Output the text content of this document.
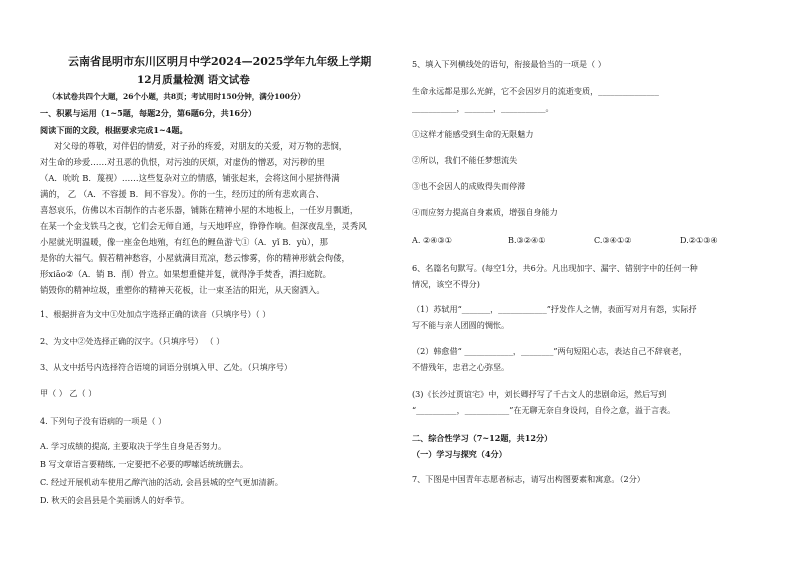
云南省昆明市东川区明月中学2024—2025学年九年级上学期
12月质量检测 语文试卷
（本试卷共四个大题，26个小题，共8页；考试用时150分钟，满分100分）
一、积累与运用（1~5题，每题2分，第6题6分，共16分）
阅读下面的文段，根据要求完成1~4题。
对父母的尊敬，对伴侣的情爱，对子孙的疼爱，对朋友的关爱，对万物的悲悯，
对生命的珍爱……对丑恶的仇恨，对污浊的厌烦，对虚伪的憎恶，对污秽的里
（A．吮吮 B．蔑视）……这些复杂对立的情感，铺张起来，会将这间小屋挤得满
满的， 乙 （A．不容援 B．间不容发）。你的一生，经历过的所有悲欢离合、
喜怒哀乐，仿佛以木百制作的古老乐器，铺陈在精神小屋的木地板上，一任岁月飘逝，
在某一个金戈铁马之夜，它们会无师自通，与天地呼应，铮铮作响。但深夜乱坐，灵秀风
小屋就光明温暖，像一座金色地殖，有红色的鲤鱼游弋①（A．yǐ B．yù），那
是你的大福气。假若精神愁容，小屋就满目荒凉，愁云惨雾，你的精神形就会佝偻，
形xiāo②（A．销 B．削）骨立。如果想重健并复，就得净手焚香，洒扫庭院。
销毁你的精神垃圾，重塑你的精神天花板，让一束圣洁的阳光，从天窗洒入。
1、根据拼音为文中①处加点字选择正确的读音（只填序号）（ ）
2、为文中②处选择正确的汉字。（只填序号） （ ）
3、从文中括号内选择符合语境的词语分别填入甲、乙处。（只填序号）
甲（ ） 乙（ ）
4. 下列句子没有语病的一项是（ ）
A. 学习成绩的提高, 主要取决于学生自身是否努力。
B 写文章语言要精练, 一定要把不必要的啰嗦话统统删去。
C. 经过开展机动车使用乙醇汽油的活动, 会昌县城的空气更加清新。
D. 秋天的会昌县是个美丽诱人的好季节。
5、填入下列横线处的语句，衔接最恰当的一项是（ ）
生命永远都是那么光鲜，它不会因岁月的流逝变质，_______________
___________，_______，___________。
①这样才能感受到生命的无限魅力
②所以，我们不能任梦想流失
③也不会因人的成败得失而停滞
④而应努力提高自身素质，增强自身能力
A. ②④③①	B.③②④①	C.③④①②	D.②①③④
6、名篇名句默写。(每空1分，共6分。凡出现加字、漏字、错别字中的任何一种
情况，该空不得分)
（1）苏轼用“_______，____________”抒发作人之情，表面写对月有怨，实际抒
写不能与亲人团圆的惆怅。
（2）韩愈借“ ____________，________”两句短阻心志，表达自己不辞衰老，
不惜残年，忠君之心弥坚。
(3)《长沙过贾谊宅》中，刘长卿抒写了千古文人的悲剧命运，然后写到
“__________，___________”在无聊无奈自身设问，自伶之意，溢于言表。
二、综合性学习（7~12题，共12分）
（一）学习与探究（4分）
7、下图是中国青年志愿者标志，请写出构图要素和寓意。（2分）
